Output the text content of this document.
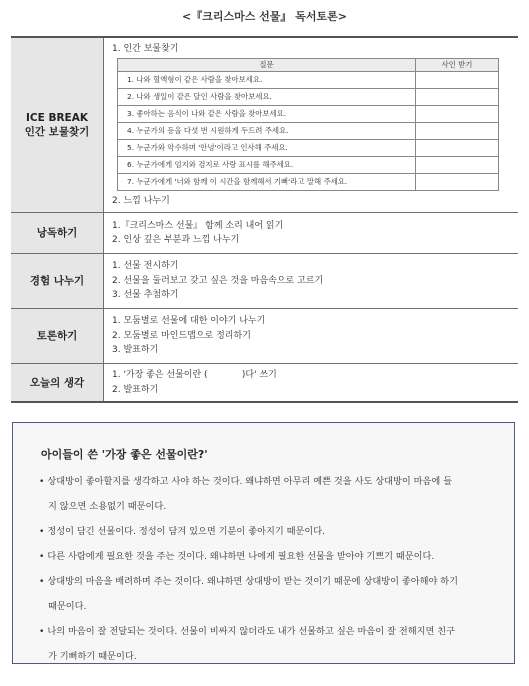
<『크리스마스 선물』 독서토론>
ICE BREAK
인간 보물찾기

1. 인간 보물찾기
질문	사인 받기
1. 나와 혈액형이 같은 사람을 찾아보세요.	
2. 나와 생일이 같은 달인 사람을 찾아보세요.	
3. 좋아하는 음식이 나와 같은 사람을 찾아보세요.	
4. 누군가의 등을 다섯 번 시원하게 두드려 주세요.	
5. 누군가와 악수하며 '안녕'이라고 인사해 주세요.	
6. 누군가에게 엄지와 검지로 사랑 표시를 해주세요.	
7. 누군가에게 '너와 함께 이 시간을 함께해서 기뻐'라고 말해 주세요.	
2. 느낌 나누기

낭독하기	
1.『크리스마스 선물』 함께 소리 내어 읽기
2. 인상 깊은 부분과 느낌 나누기

경험 나누기	
1. 선물 전시하기
2. 선물을 둘러보고 갖고 싶은 것을 마음속으로 고르기
3. 선물 추첨하기

토론하기	
1. 모둠별로 선물에 대한 이야기 나누기
2. 모둠별로 마인드맵으로 정리하기
3. 발표하기

오늘의 생각	
1. '가장 좋은 선물이란 (            )다' 쓰기
2. 발표하기
아이들이 쓴 '가장 좋은 선물이란?'
• 상대방이 좋아할지를 생각하고 사야 하는 것이다. 왜냐하면 아무리 예쁜 것을 사도 상대방이 마음에 들
지 않으면 소용없기 때문이다.
• 정성이 담긴 선물이다. 정성이 담겨 있으면 기분이 좋아지기 때문이다.
• 다른 사람에게 필요한 것을 주는 것이다. 왜냐하면 나에게 필요한 선물을 받아야 기쁘기 때문이다.
• 상대방의 마음을 배려하며 주는 것이다. 왜냐하면 상대방이 받는 것이기 때문에 상대방이 좋아해야 하기
때문이다.
• 나의 마음이 잘 전달되는 것이다. 선물이 비싸지 않더라도 내가 선물하고 싶은 마음이 잘 전해지면 친구
가 기뻐하기 때문이다.
